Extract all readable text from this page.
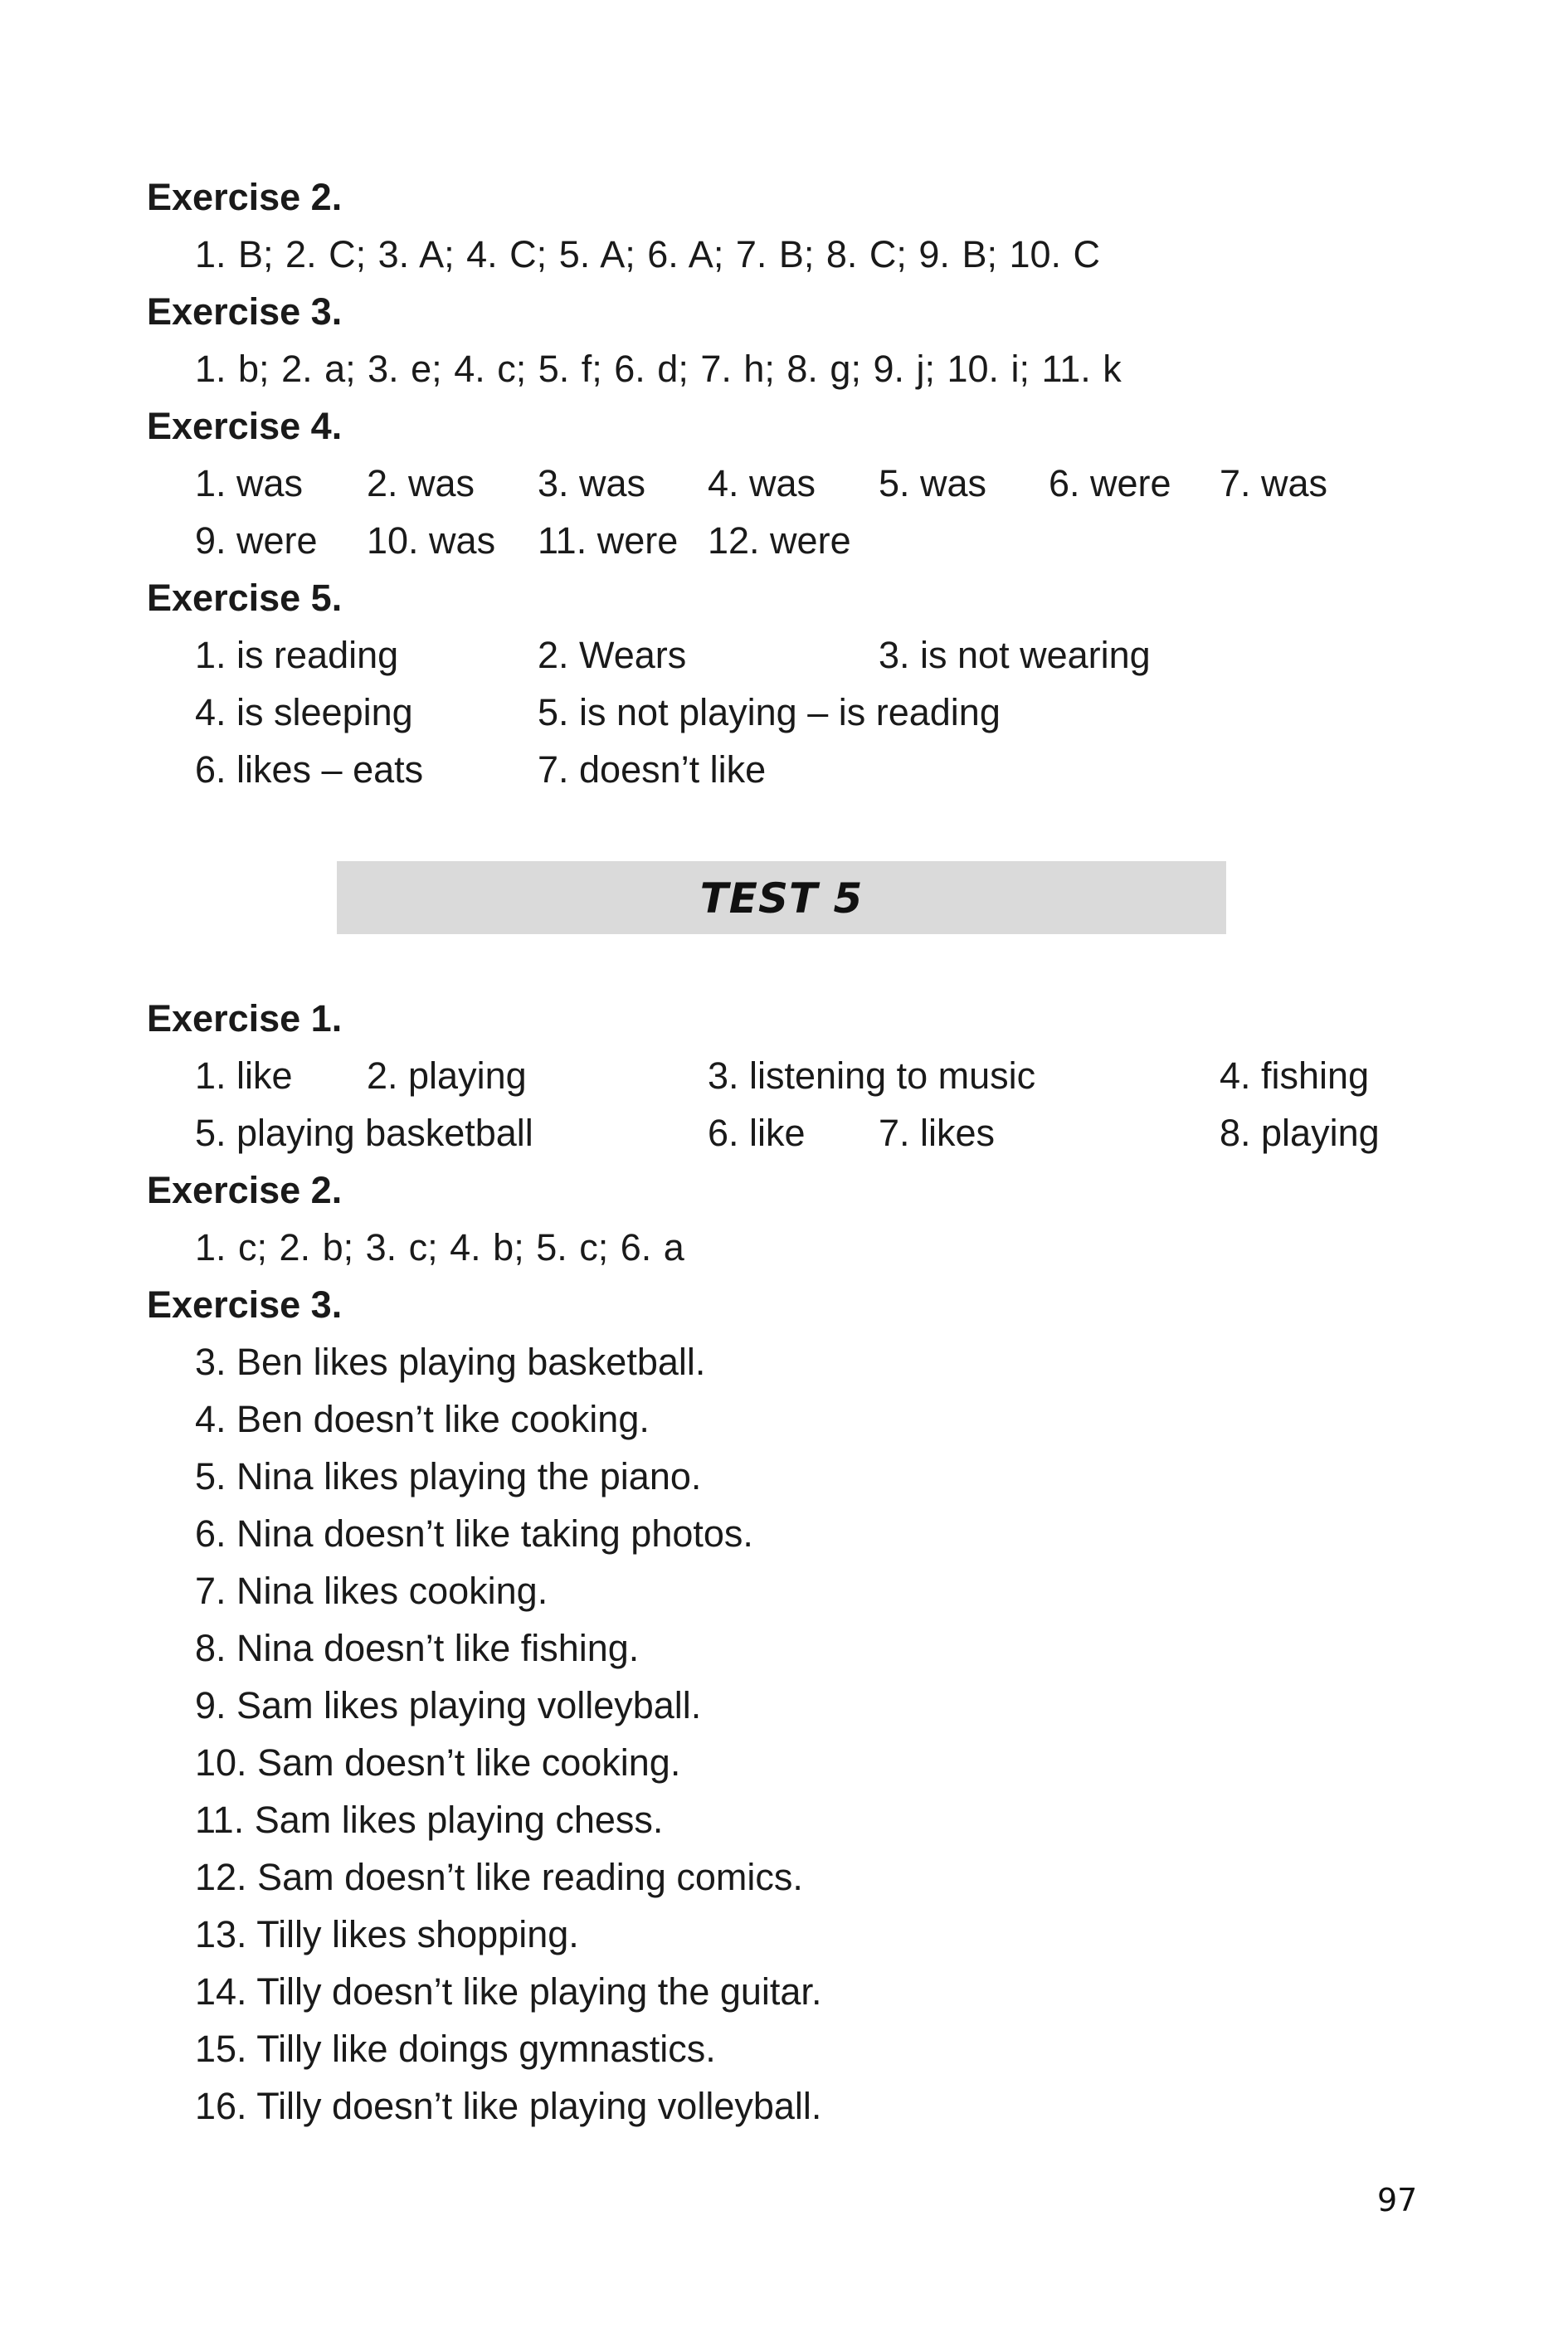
Exercise 2.
1. B; 2. C; 3. A; 4. C; 5. A; 6. A; 7. B; 8. C; 9. B; 10. C
Exercise 3.
1. b; 2. a; 3. e; 4. c; 5. f; 6. d; 7. h; 8. g; 9. j; 10. i; 11. k
Exercise 4.
1. was 2. was 3. was 4. was 5. was 6. were 7. was
9. were 10. was 11. were 12. were
Exercise 5.
1. is reading	2. Wears	3. is not wearing
4. is sleeping	5. is not playing – is reading
6. likes – eats	7. doesn’t like
TEST 5
Exercise 1.
1. like 2. playing	3. listening to music	4. fishing
5. playing basketball	6. like 7. likes	8. playing
Exercise 2.
1. c; 2. b; 3. c; 4. b; 5. c; 6. a
Exercise 3.
3. Ben likes playing basketball.
4. Ben doesn’t like cooking.
5. Nina likes playing the piano.
6. Nina doesn’t like taking photos.
7. Nina likes cooking.
8. Nina doesn’t like fishing.
9. Sam likes playing volleyball.
10. Sam doesn’t like cooking.
11. Sam likes playing chess.
12. Sam doesn’t like reading comics.
13. Tilly likes shopping.
14. Tilly doesn’t like playing the guitar.
15. Tilly like doings gymnastics.
16. Tilly doesn’t like playing volleyball.
97
